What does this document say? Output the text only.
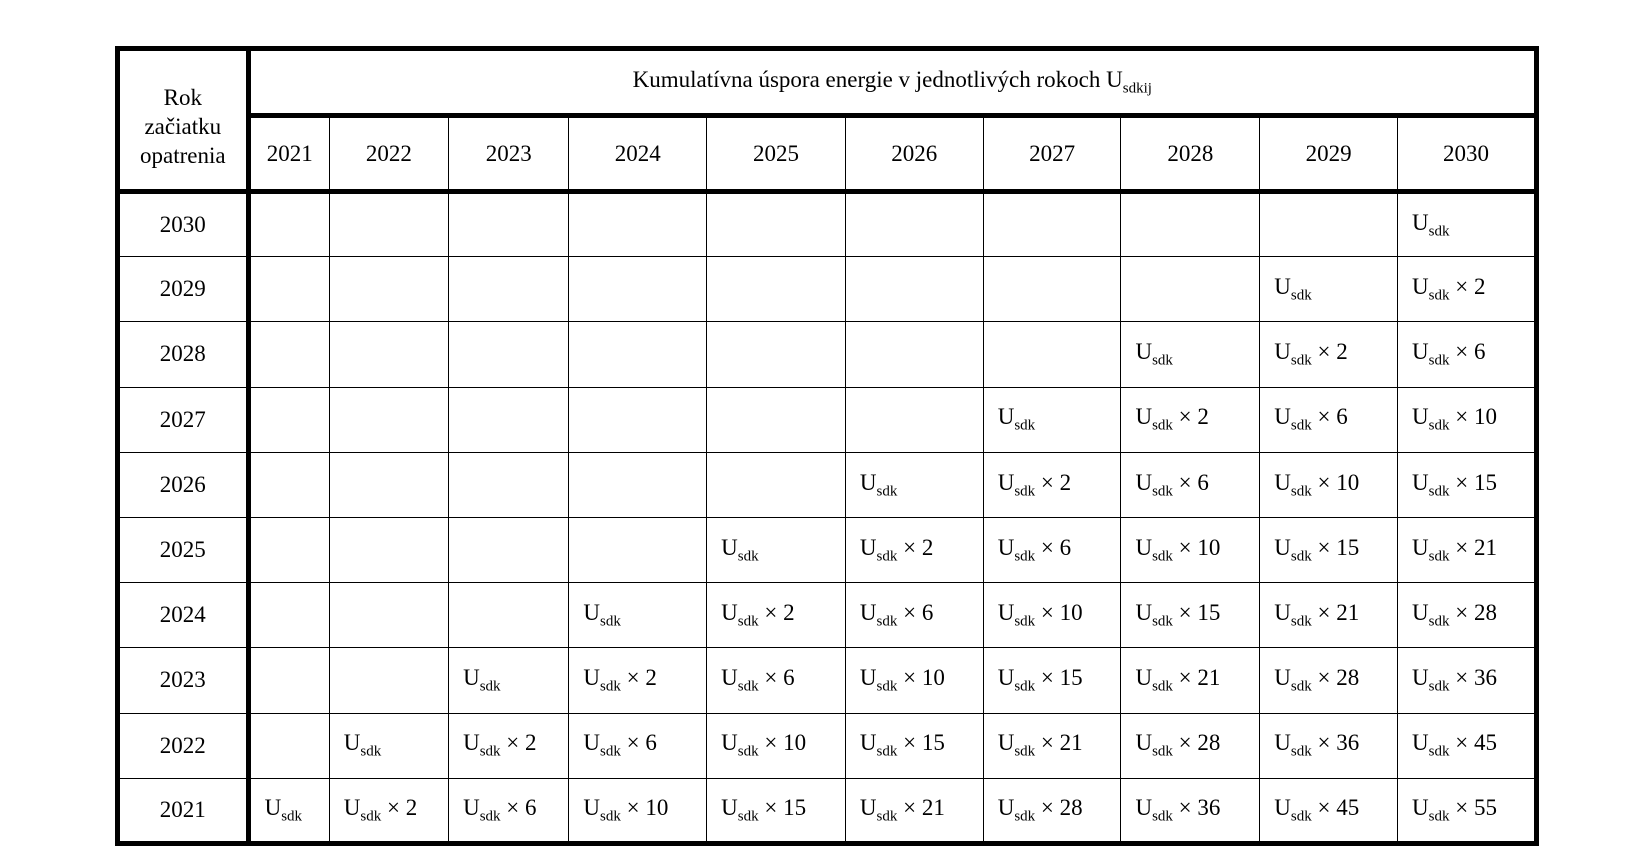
Rok
začiatku
opatrenia	Kumulatívna úspora energie v jednotlivých rokoch $U_{sdkij}$
	2021	2022	2023	2024	2025	2026	2027	2028	2029	2030
2030										$U_{sdk}$
2029									$U_{sdk}$	$U_{sdk} \times 2$
2028								$U_{sdk}$	$U_{sdk} \times 2$	$U_{sdk} \times 6$
2027							$U_{sdk}$	$U_{sdk} \times 2$	$U_{sdk} \times 6$	$U_{sdk} \times 10$
2026						$U_{sdk}$	$U_{sdk} \times 2$	$U_{sdk} \times 6$	$U_{sdk} \times 10$	$U_{sdk} \times 15$
2025					$U_{sdk}$	$U_{sdk} \times 2$	$U_{sdk} \times 6$	$U_{sdk} \times 10$	$U_{sdk} \times 15$	$U_{sdk} \times 21$
2024				$U_{sdk}$	$U_{sdk} \times 2$	$U_{sdk} \times 6$	$U_{sdk} \times 10$	$U_{sdk} \times 15$	$U_{sdk} \times 21$	$U_{sdk} \times 28$
2023			$U_{sdk}$	$U_{sdk} \times 2$	$U_{sdk} \times 6$	$U_{sdk} \times 10$	$U_{sdk} \times 15$	$U_{sdk} \times 21$	$U_{sdk} \times 28$	$U_{sdk} \times 36$
2022		$U_{sdk}$	$U_{sdk} \times 2$	$U_{sdk} \times 6$	$U_{sdk} \times 10$	$U_{sdk} \times 15$	$U_{sdk} \times 21$	$U_{sdk} \times 28$	$U_{sdk} \times 36$	$U_{sdk} \times 45$
2021	$U_{sdk}$	$U_{sdk} \times 2$	$U_{sdk} \times 6$	$U_{sdk} \times 10$	$U_{sdk} \times 15$	$U_{sdk} \times 21$	$U_{sdk} \times 28$	$U_{sdk} \times 36$	$U_{sdk} \times 45$	$U_{sdk} \times 55$
